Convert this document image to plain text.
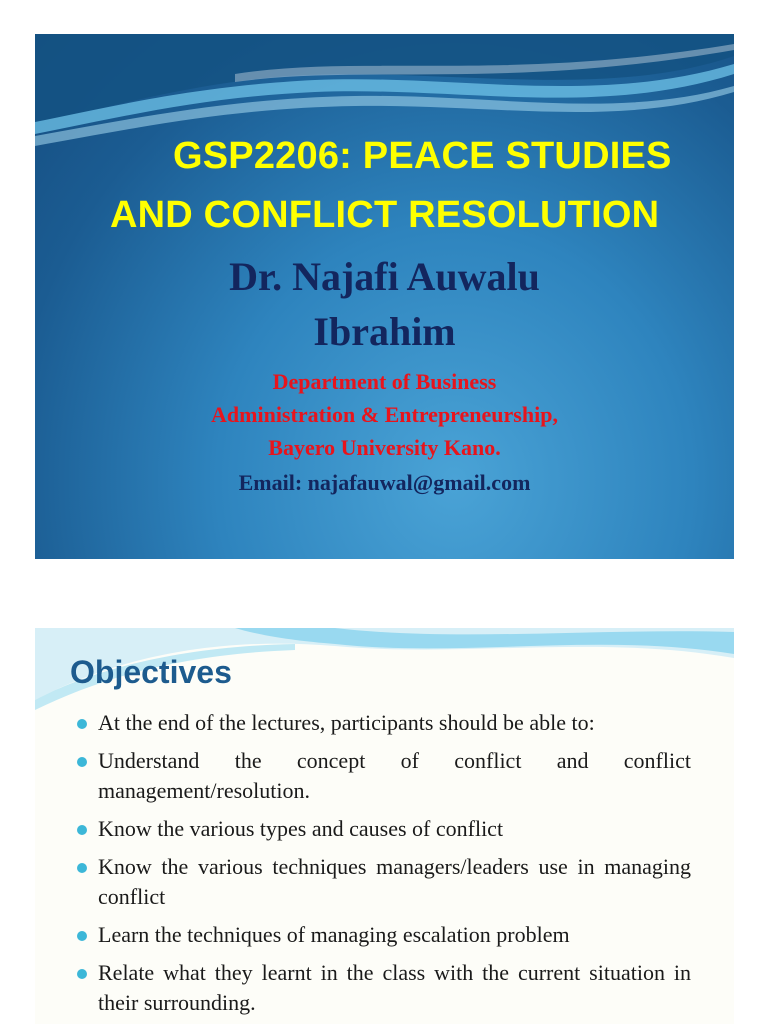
GSP2206: PEACE STUDIES
AND CONFLICT RESOLUTION
Dr. Najafi Auwalu
Ibrahim
Department of Business
Administration & Entrepreneurship,
Bayero University Kano.
Email: najafauwal@gmail.com
Objectives
At the end of the lectures, participants should be able to:
Understand the concept of conflict and conflict management/resolution.
Know the various types and causes of conflict
Know the various techniques managers/leaders use in managing conflict
Learn the techniques of managing escalation problem
Relate what they learnt in the class with the current situation in their surrounding.
